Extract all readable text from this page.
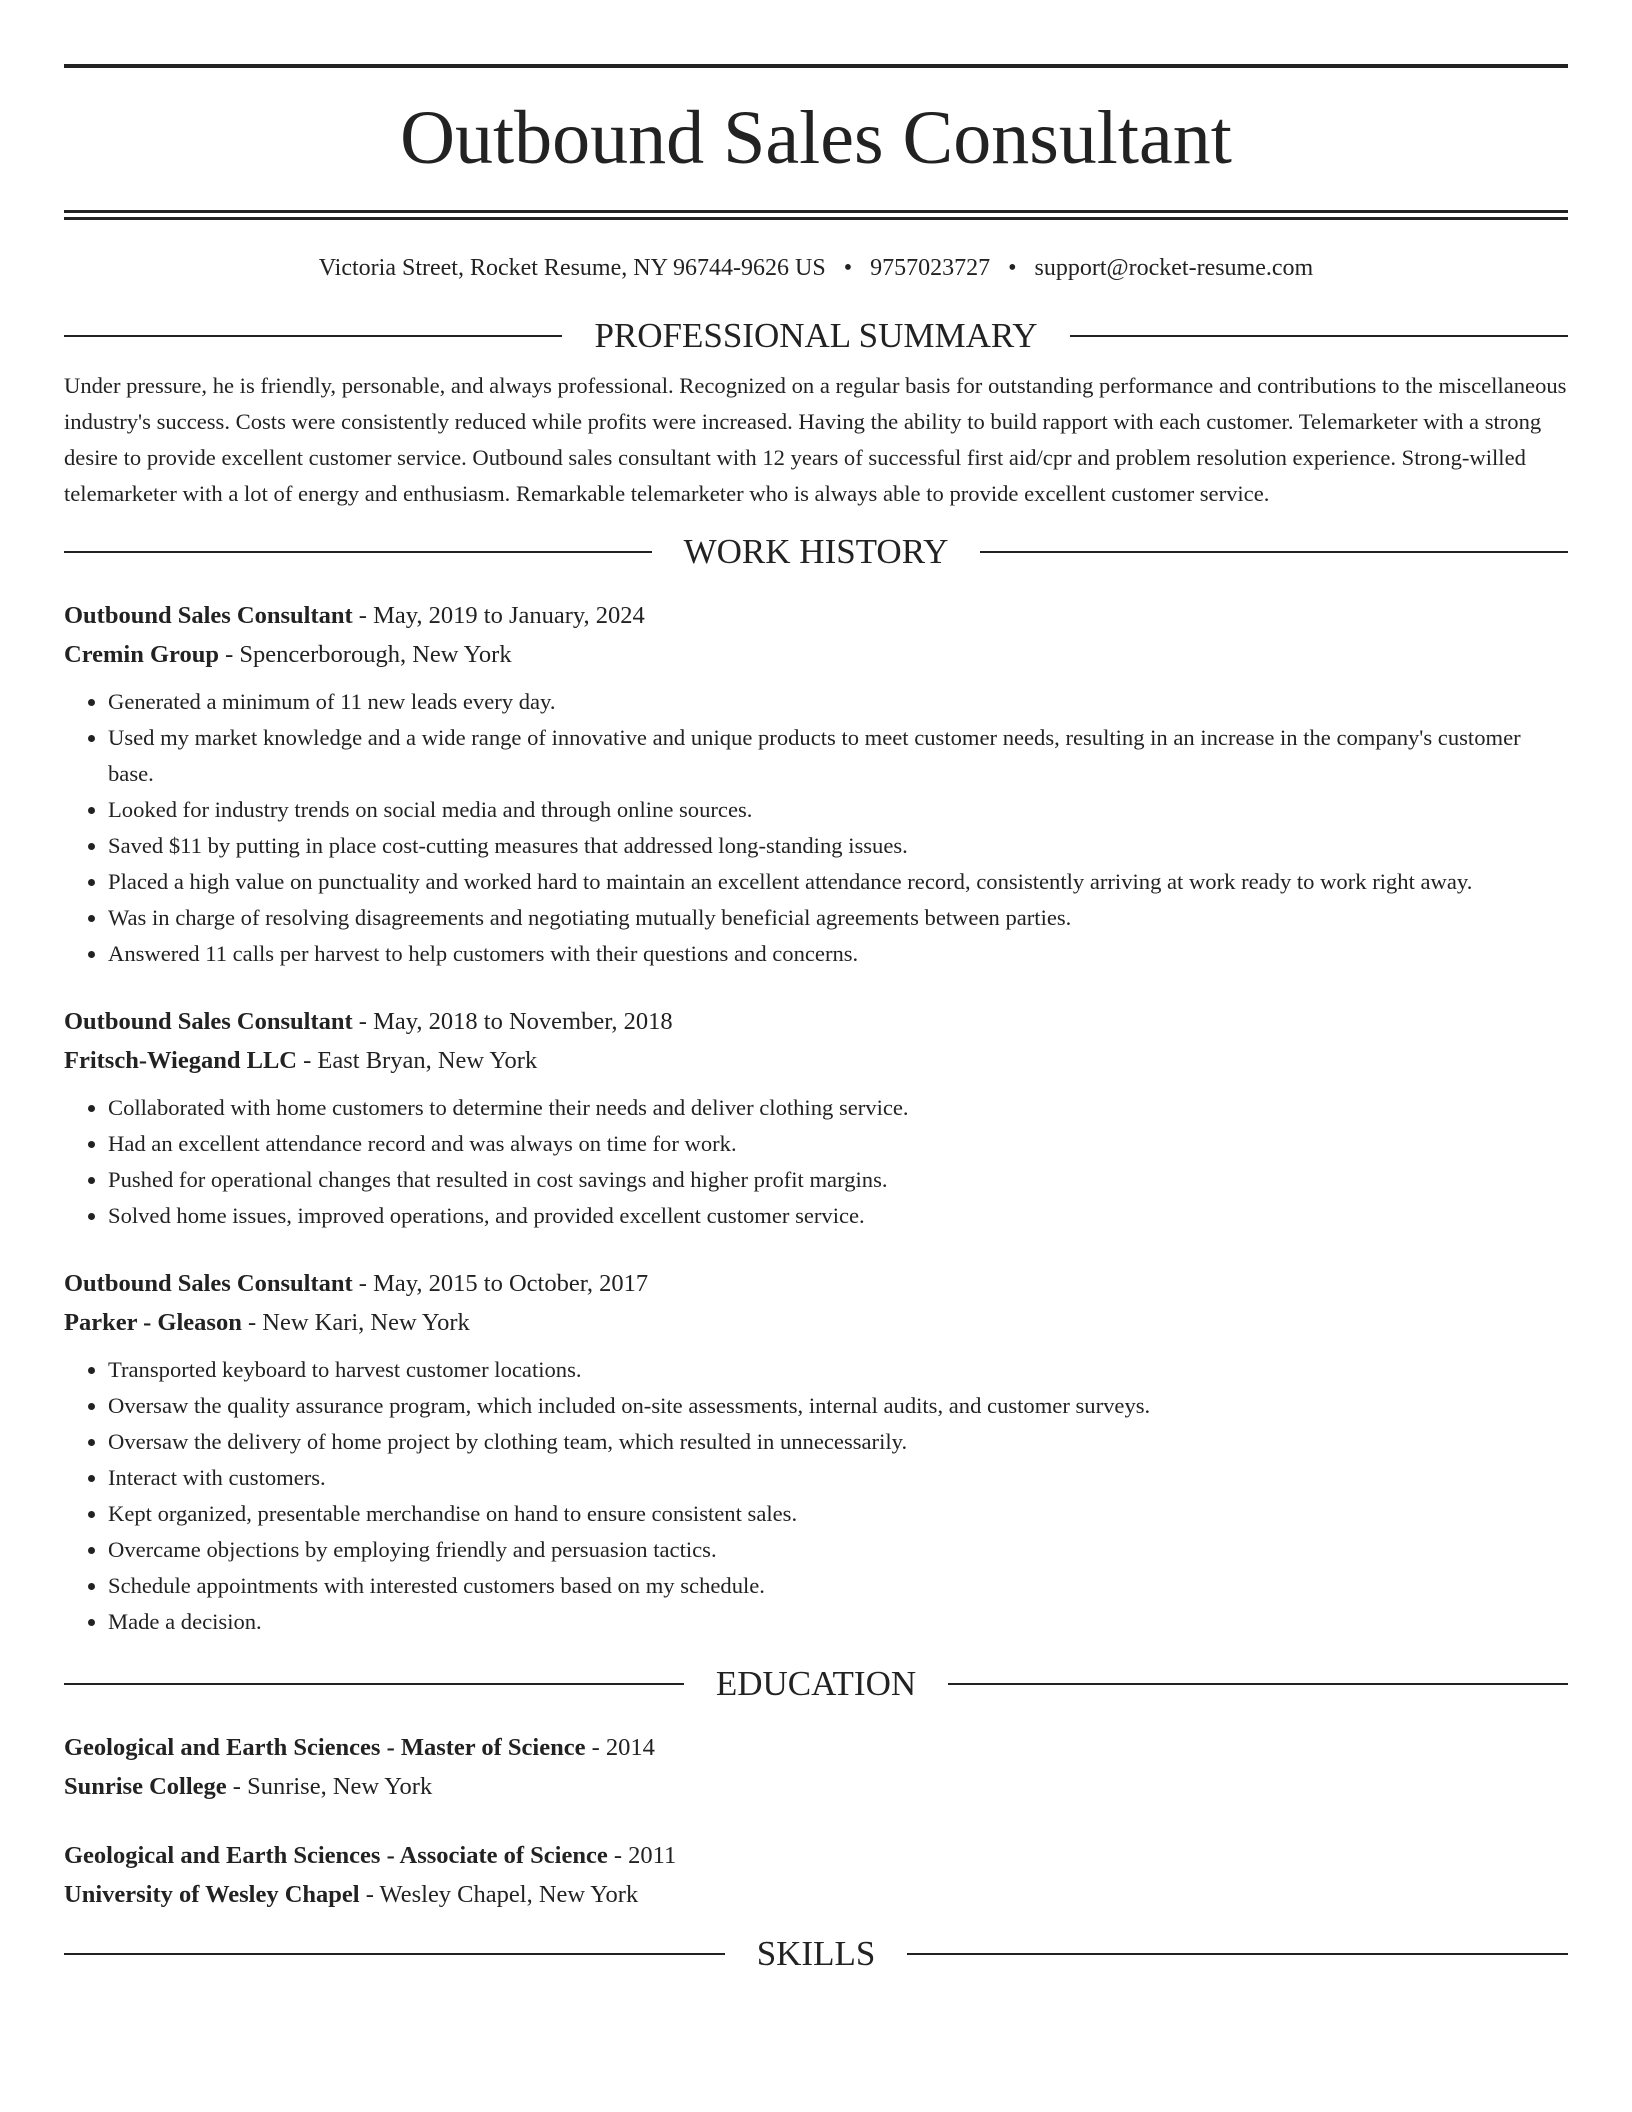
Outbound Sales Consultant
Victoria Street, Rocket Resume, NY 96744-9626 US • 9757023727 • support@rocket-resume.com
PROFESSIONAL SUMMARY
Under pressure, he is friendly, personable, and always professional. Recognized on a regular basis for outstanding performance and contributions to the miscellaneous industry's success. Costs were consistently reduced while profits were increased. Having the ability to build rapport with each customer. Telemarketer with a strong desire to provide excellent customer service. Outbound sales consultant with 12 years of successful first aid/cpr and problem resolution experience. Strong-willed telemarketer with a lot of energy and enthusiasm. Remarkable telemarketer who is always able to provide excellent customer service.
WORK HISTORY
Outbound Sales Consultant - May, 2019 to January, 2024
Cremin Group - Spencerborough, New York
• Generated a minimum of 11 new leads every day.
• Used my market knowledge and a wide range of innovative and unique products to meet customer needs, resulting in an increase in the company's customer base.
• Looked for industry trends on social media and through online sources.
• Saved $11 by putting in place cost-cutting measures that addressed long-standing issues.
• Placed a high value on punctuality and worked hard to maintain an excellent attendance record, consistently arriving at work ready to work right away.
• Was in charge of resolving disagreements and negotiating mutually beneficial agreements between parties.
• Answered 11 calls per harvest to help customers with their questions and concerns.
Outbound Sales Consultant - May, 2018 to November, 2018
Fritsch-Wiegand LLC - East Bryan, New York
• Collaborated with home customers to determine their needs and deliver clothing service.
• Had an excellent attendance record and was always on time for work.
• Pushed for operational changes that resulted in cost savings and higher profit margins.
• Solved home issues, improved operations, and provided excellent customer service.
Outbound Sales Consultant - May, 2015 to October, 2017
Parker - Gleason - New Kari, New York
• Transported keyboard to harvest customer locations.
• Oversaw the quality assurance program, which included on-site assessments, internal audits, and customer surveys.
• Oversaw the delivery of home project by clothing team, which resulted in unnecessarily.
• Interact with customers.
• Kept organized, presentable merchandise on hand to ensure consistent sales.
• Overcame objections by employing friendly and persuasion tactics.
• Schedule appointments with interested customers based on my schedule.
• Made a decision.
EDUCATION
Geological and Earth Sciences - Master of Science - 2014
Sunrise College - Sunrise, New York
Geological and Earth Sciences - Associate of Science - 2011
University of Wesley Chapel - Wesley Chapel, New York
SKILLS
